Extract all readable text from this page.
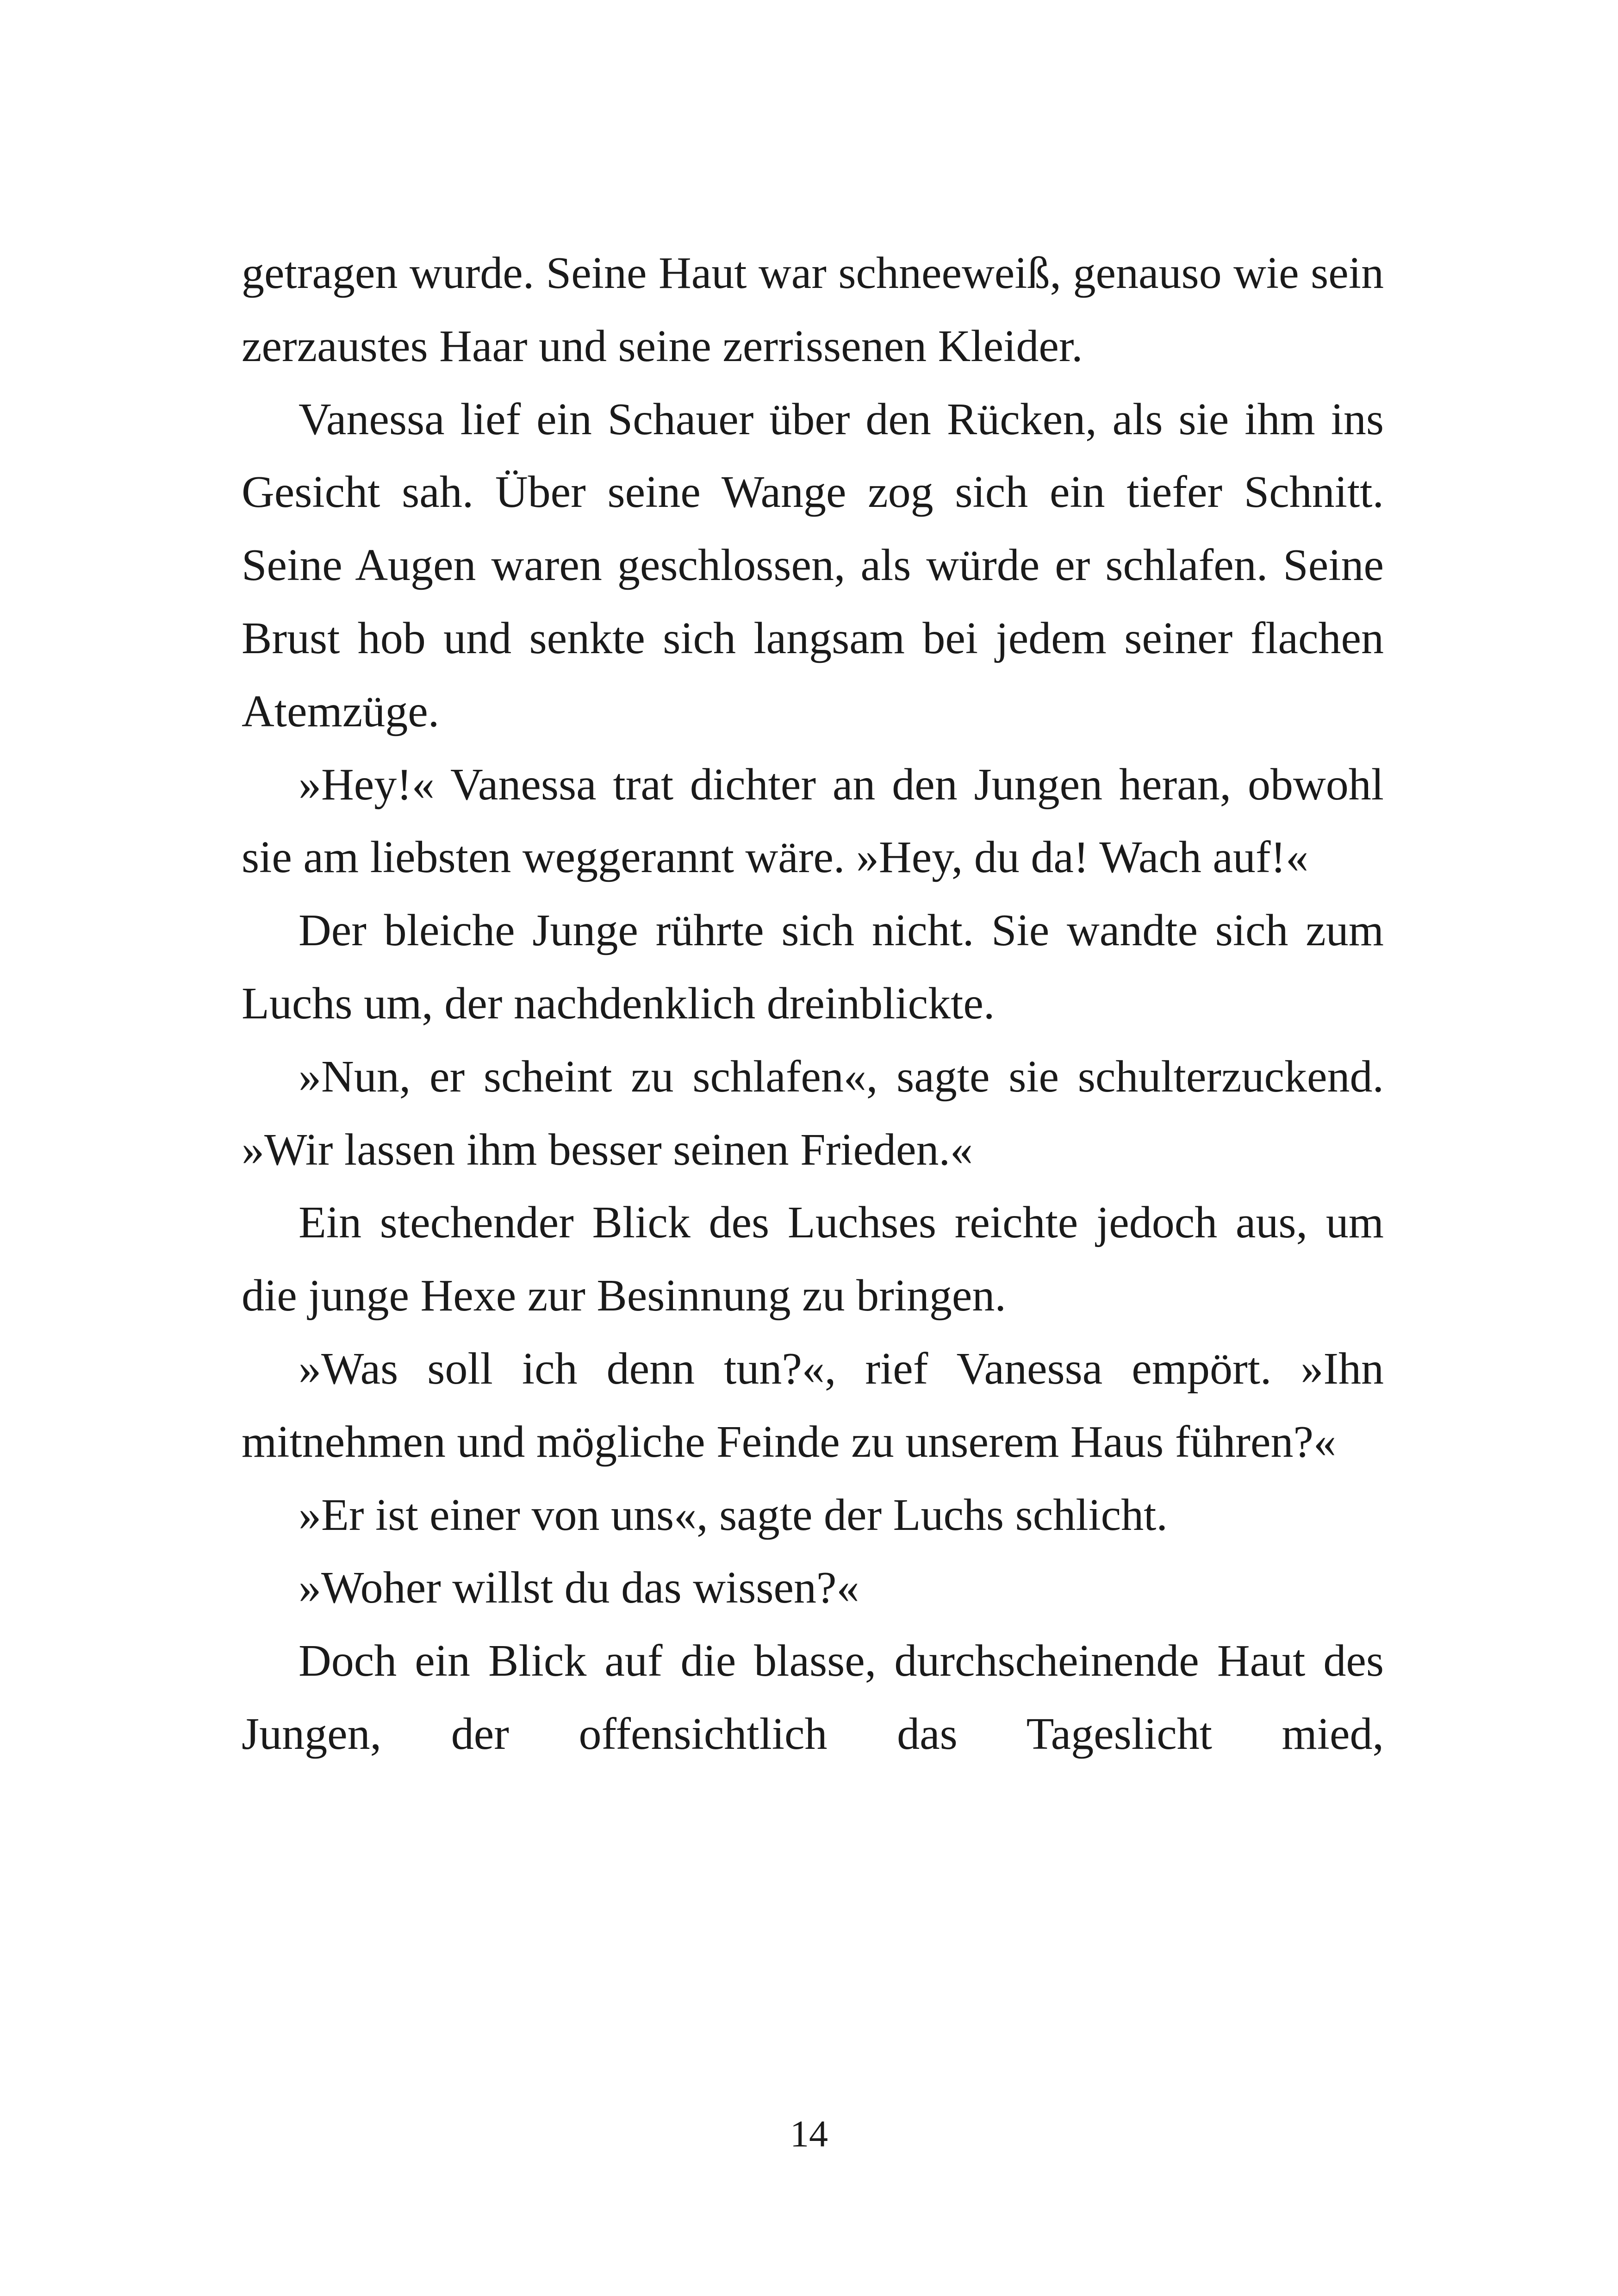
getragen wurde. Seine Haut war schneeweiß, genauso wie sein zerzaustes Haar und seine zerrissenen Kleider.

Vanessa lief ein Schauer über den Rücken, als sie ihm ins Gesicht sah. Über seine Wange zog sich ein tiefer Schnitt. Seine Augen waren geschlossen, als würde er schlafen. Seine Brust hob und senkte sich langsam bei jedem seiner flachen Atemzüge.

»Hey!« Vanessa trat dichter an den Jungen heran, obwohl sie am liebsten weggerannt wäre. »Hey, du da! Wach auf!«

Der bleiche Junge rührte sich nicht. Sie wandte sich zum Luchs um, der nachdenklich dreinblickte.

»Nun, er scheint zu schlafen«, sagte sie schulterzuckend. »Wir lassen ihm besser seinen Frieden.«

Ein stechender Blick des Luchses reichte jedoch aus, um die junge Hexe zur Besinnung zu bringen.

»Was soll ich denn tun?«, rief Vanessa empört. »Ihn mitnehmen und mögliche Feinde zu unserem Haus führen?«

»Er ist einer von uns«, sagte der Luchs schlicht.

»Woher willst du das wissen?«

Doch ein Blick auf die blasse, durchscheinende Haut des Jungen, der offensichtlich das Tageslicht mied,

14
